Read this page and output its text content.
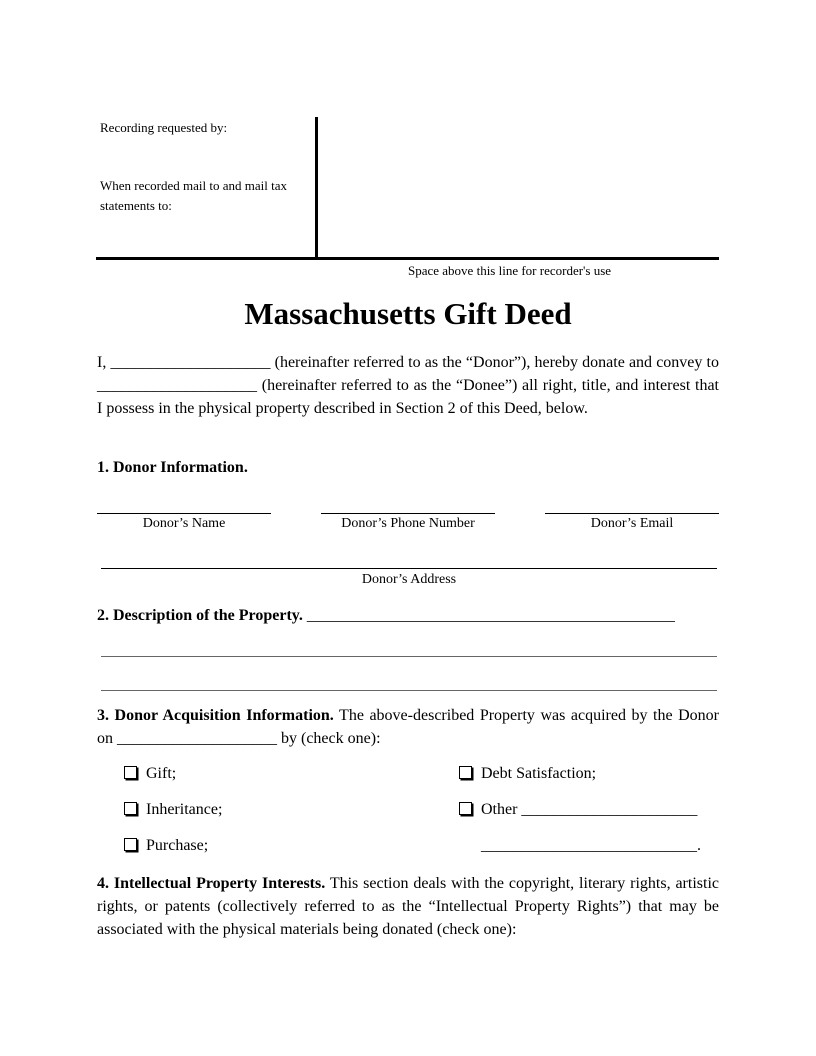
Recording requested by:
When recorded mail to and mail tax
statements to:
Space above this line for recorder's use
Massachusetts Gift Deed
I, ____________________ (hereinafter referred to as the “Donor”), hereby donate and convey to ____________________ (hereinafter referred to as the “Donee”) all right, title, and interest that I possess in the physical property described in Section 2 of this Deed, below.
1. Donor Information.
Donor’s Name	Donor’s Phone Number	Donor’s Email
Donor’s Address
2. Description of the Property. ______________________________________________
3. Donor Acquisition Information. The above-described Property was acquired by the Donor on ____________________ by (check one):
Gift;
Inheritance;
Purchase;
Debt Satisfaction;
Other ______________________
___________________________.
4. Intellectual Property Interests. This section deals with the copyright, literary rights, artistic rights, or patents (collectively referred to as the “Intellectual Property Rights”) that may be associated with the physical materials being donated (check one):
